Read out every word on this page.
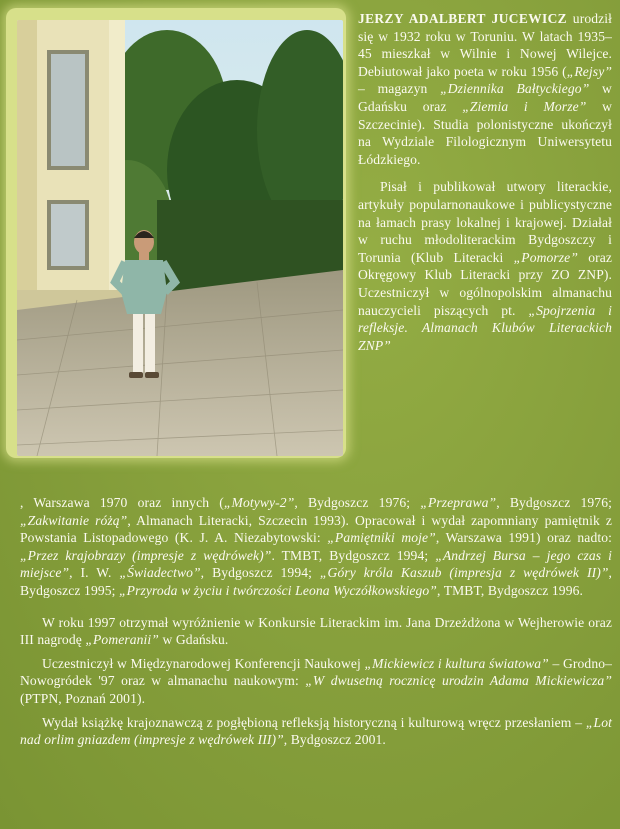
JERZY ADALBERT JUCEWICZ urodził się w 1932 roku w Toruniu. W latach 1935–45 mieszkał w Wilnie i Nowej Wilejce. Debiutował jako poeta w roku 1956 („Rejsy” – magazyn „Dziennika Bałtyckiego” w Gdańsku oraz „Ziemia i Morze” w Szczecinie). Studia polonistyczne ukończył na Wydziale Filologicznym Uniwersytetu Łódzkiego.

Pisał i publikował utwory literackie, artykuły popularnonaukowe i publicystyczne na łamach prasy lokalnej i krajowej. Działał w ruchu młodoliterackim Bydgoszczy i Torunia (Klub Literacki „Pomorze” oraz Okręgowy Klub Literacki przy ZO ZNP). Uczestniczył w ogólnopolskim almanachu nauczycieli piszących pt. „Spojrzenia i refleksje. Almanach Klubów Literackich ZNP”

, Warszawa 1970 oraz innych („Motywy-2”, Bydgoszcz 1976; „Przeprawa”, Bydgoszcz 1976; „Zakwitanie różą”, Almanach Literacki, Szczecin 1993). Opracował i wydał zapomniany pamiętnik z Powstania Listopadowego (K. J. A. Niezabytowski: „Pamiętniki moje”, Warszawa 1991) oraz nadto: „Przez krajobrazy (impresje z wędrówek)”. TMBT, Bydgoszcz 1994; „Andrzej Bursa – jego czas i miejsce”, I. W. „Świadectwo”, Bydgoszcz 1994; „Góry króla Kaszub (impresja z wędrówek II)”, Bydgoszcz 1995; „Przyroda w życiu i twórczości Leona Wyczółkowskiego”, TMBT, Bydgoszcz 1996.

W roku 1997 otrzymał wyróżnienie w Konkursie Literackim im. Jana Drzeżdżona w Wejherowie oraz III nagrodę „Pomeranii” w Gdańsku.

Uczestniczył w Międzynarodowej Konferencji Naukowej „Mickiewicz i kultura światowa” – Grodno–Nowogródek '97 oraz w almanachu naukowym: „W dwusetną rocznicę urodzin Adama Mickiewicza” (PTPN, Poznań 2001).

Wydał książkę krajoznawczą z pogłębioną refleksją historyczną i kulturową wręcz przesłaniem – „Lot nad orlim gniazdem (impresje z wędrówek III)”, Bydgoszcz 2001.
